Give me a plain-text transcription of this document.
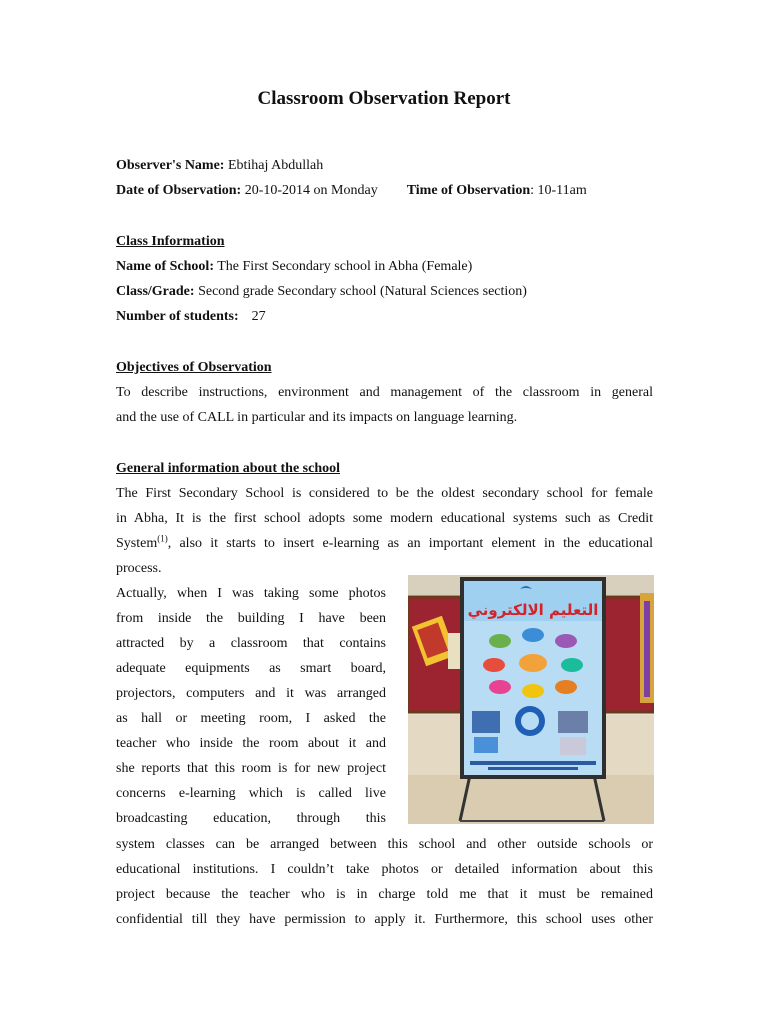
Classroom Observation Report
Observer's Name: Ebtihaj Abdullah
Date of Observation: 20-10-2014 on Monday Time of Observation: 10-11am
Class Information
Name of School: The First Secondary school in Abha (Female)
Class/Grade: Second grade Secondary school (Natural Sciences section)
Number of students: 27
Objectives of Observation
To describe instructions, environment and management of the classroom in general
and the use of CALL in particular and its impacts on language learning.
General information about the school
The First Secondary School is considered to be the oldest secondary school for female
in Abha, It is the first school adopts some modern educational systems such as Credit
System$^{(1)}$, also it starts to insert e-learning as an important element in the educational
process.
Actually, when I was taking some photos
from inside the building I have been
attracted by a classroom that contains
adequate equipments as smart board,
projectors, computers and it was arranged
as hall or meeting room, I asked the
teacher who inside the room about it and
she reports that this room is for new project
concerns e-learning which is called live
broadcasting education, through this
system classes can be arranged between this school and other outside schools or
educational institutions. I couldn’t take photos or detailed information about this
project because the teacher who is in charge told me that it must be remained
confidential till they have permission to apply it. Furthermore, this school uses other
التعليم الالكتروني
